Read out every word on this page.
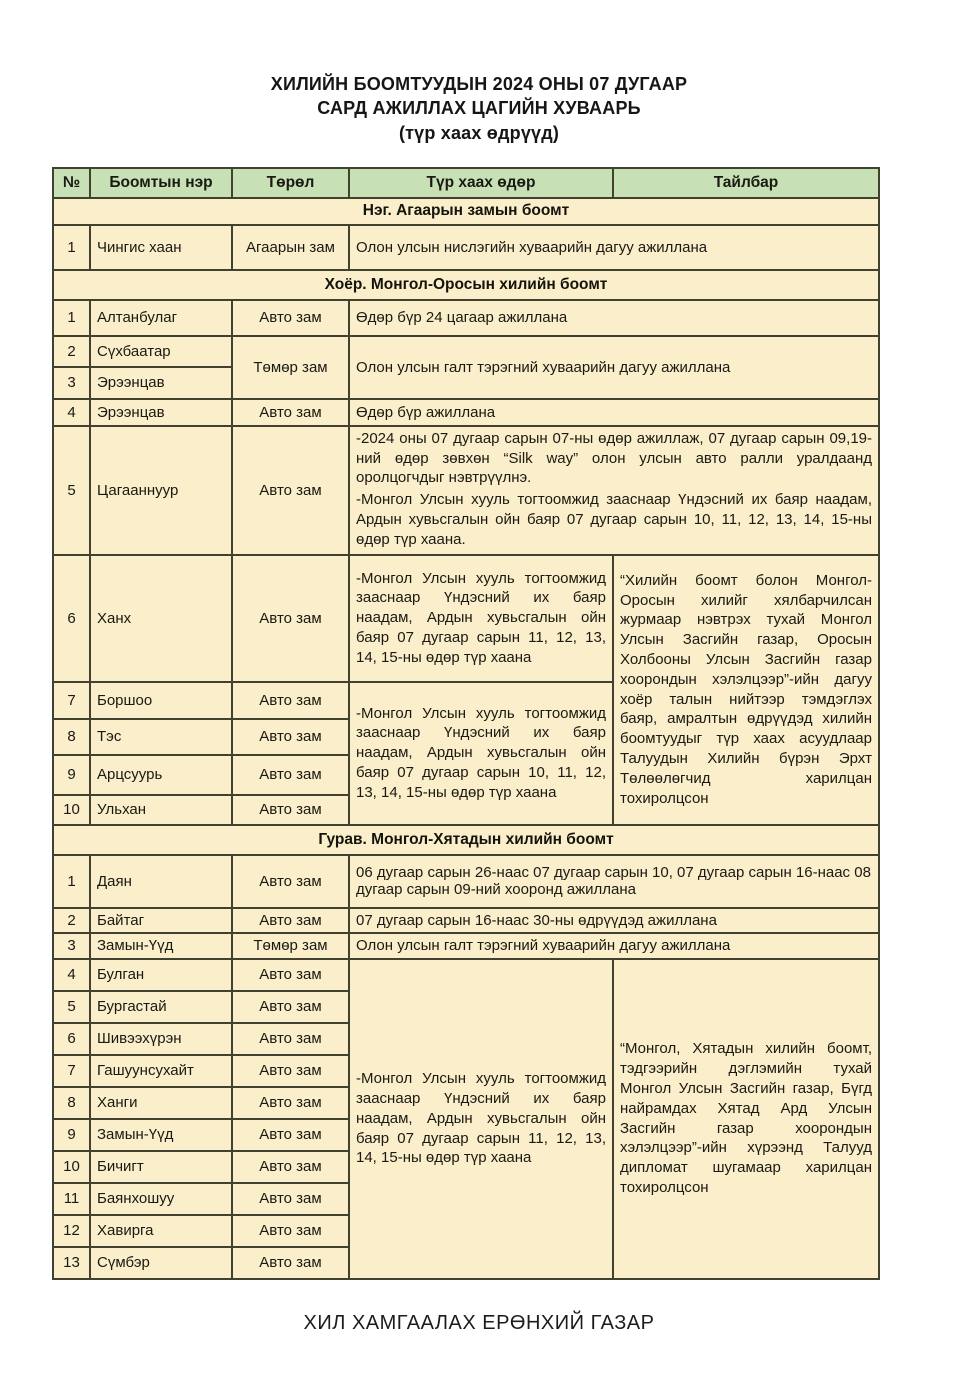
ХИЛИЙН БООМТУУДЫН 2024 ОНЫ 07 ДУГААР
САРД АЖИЛЛАХ ЦАГИЙН ХУВААРЬ
(түр хаах өдрүүд)
№	Боомтын нэр	Төрөл	Түр хаах өдөр	Тайлбар
Нэг. Агаарын замын боомт				
1	Чингис хаан	Агаарын зам	Олон улсын нислэгийн хуваарийн дагуу ажиллана	
Хоёр. Монгол-Оросын хилийн боомт				
1	Алтанбулаг	Авто зам	Өдөр бүр 24 цагаар ажиллана	
2	Сүхбаатар	Төмөр зам	Олон улсын галт тэрэгний хуваарийн дагуу ажиллана	
3	Эрээнцав			
4	Эрээнцав	Авто зам	Өдөр бүр ажиллана	
5	Цагааннуур	Авто зам	-2024 оны 07 дугаар сарын 07-ны өдөр ажиллаж, 07 дугаар сарын 09,19-ний өдөр зөвхөн “Silk way” олон улсын авто ралли уралдаанд оролцогчдыг нэвтрүүлнэ.
-Монгол Улсын хууль тогтоомжид зааснаар Үндэсний их баяр наадам, Ардын хувьсгалын ойн баяр 07 дугаар сарын 10, 11, 12, 13, 14, 15-ны өдөр түр хаана.	

6	Ханх	Авто зам	-Монгол Улсын хууль тогтоомжид зааснаар Үндэсний их баяр наадам, Ардын хувьсгалын ойн баяр 07 дугаар сарын 11, 12, 13, 14, 15-ны өдөр түр хаана	“Хилийн боомт болон Монгол-Оросын хилийг хялбарчилсан журмаар нэвтрэх тухай Монгол Улсын Засгийн газар, Оросын Холбооны Улсын Засгийн газар хоорондын хэлэлцээр”-ийн дагуу хоёр талын нийтээр тэмдэглэх баяр, амралтын өдрүүдэд хилийн боомтуудыг түр хаах асуудлаар Талуудын Хилийн бүрэн Эрхт Төлөөлөгчид харилцан тохиролцсон
7	Боршоо	Авто зам	-Монгол Улсын хууль тогтоомжид зааснаар Үндэсний их баяр наадам, Ардын хувьсгалын ойн баяр 07 дугаар сарын 10, 11, 12, 13, 14, 15-ны өдөр түр хаана	
8	Тэс	Авто зам		
9	Арцсуурь	Авто зам		
10	Ульхан	Авто зам		
Гурав. Монгол-Хятадын хилийн боомт				
1	Даян	Авто зам	06 дугаар сарын 26-наас 07 дугаар сарын 10, 07 дугаар сарын 16-наас 08 дугаар сарын 09-ний хооронд ажиллана	
2	Байтаг	Авто зам	07 дугаар сарын 16-наас 30-ны өдрүүдэд ажиллана	
3	Замын-Үүд	Төмөр зам	Олон улсын галт тэрэгний хуваарийн дагуу ажиллана	
4	Булган	Авто зам	-Монгол Улсын хууль тогтоомжид зааснаар Үндэсний их баяр наадам, Ардын хувьсгалын ойн баяр 07 дугаар сарын 11, 12, 13, 14, 15-ны өдөр түр хаана	“Монгол, Хятадын хилийн боомт, тэдгээрийн дэглэмийн тухай Монгол Улсын Засгийн газар, Бүгд найрамдах Хятад Ард Улсын Засгийн газар хоорондын хэлэлцээр”-ийн хүрээнд Талууд дипломат шугамаар харилцан тохиролцсон
5	Бургастай	Авто зам		
6	Шивээхүрэн	Авто зам		
7	Гашуунсухайт	Авто зам		
8	Ханги	Авто зам		
9	Замын-Үүд	Авто зам		
10	Бичигт	Авто зам		
11	Баянхошуу	Авто зам		
12	Хавирга	Авто зам		
13	Сүмбэр	Авто зам		
ХИЛ ХАМГААЛАХ ЕРӨНХИЙ ГАЗАР
